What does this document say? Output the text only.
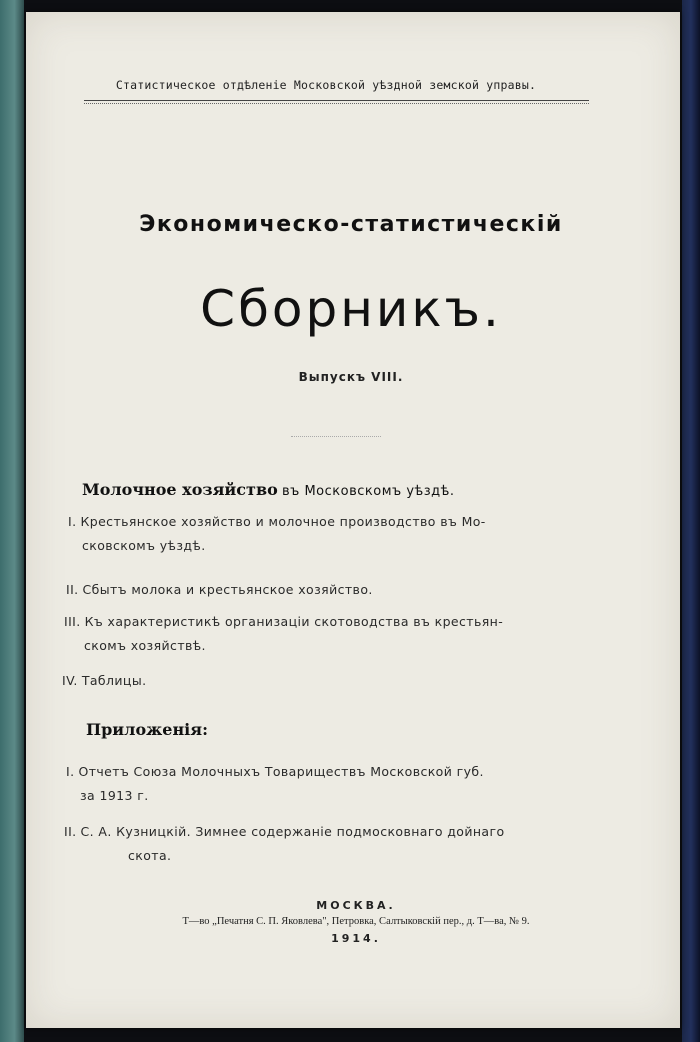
Статистическое отдѣленіе Московской уѣздной земской управы.
Экономическо-статистическій
Сборникъ.
Выпускъ VIII.
Молочное хозяйство въ Московскомъ уѣздѣ.
I. Крестьянское хозяйство и молочное производство въ Мо-
сковскомъ уѣздѣ.
II. Сбытъ молока и крестьянское хозяйство.
III. Къ характеристикѣ организаціи скотоводства въ крестьян-
скомъ хозяйствѣ.
IV. Таблицы.
Приложенія:
I. Отчетъ Союза Молочныхъ Товариществъ Московской губ.
за 1913 г.
II. С. А. Кузницкій. Зимнее содержаніе подмосковнаго дойнаго
скота.
МОСКВА.
Т—во „Печатня С. П. Яковлева", Петровка, Салтыковскій пер., д. Т—ва, № 9.
1914.
